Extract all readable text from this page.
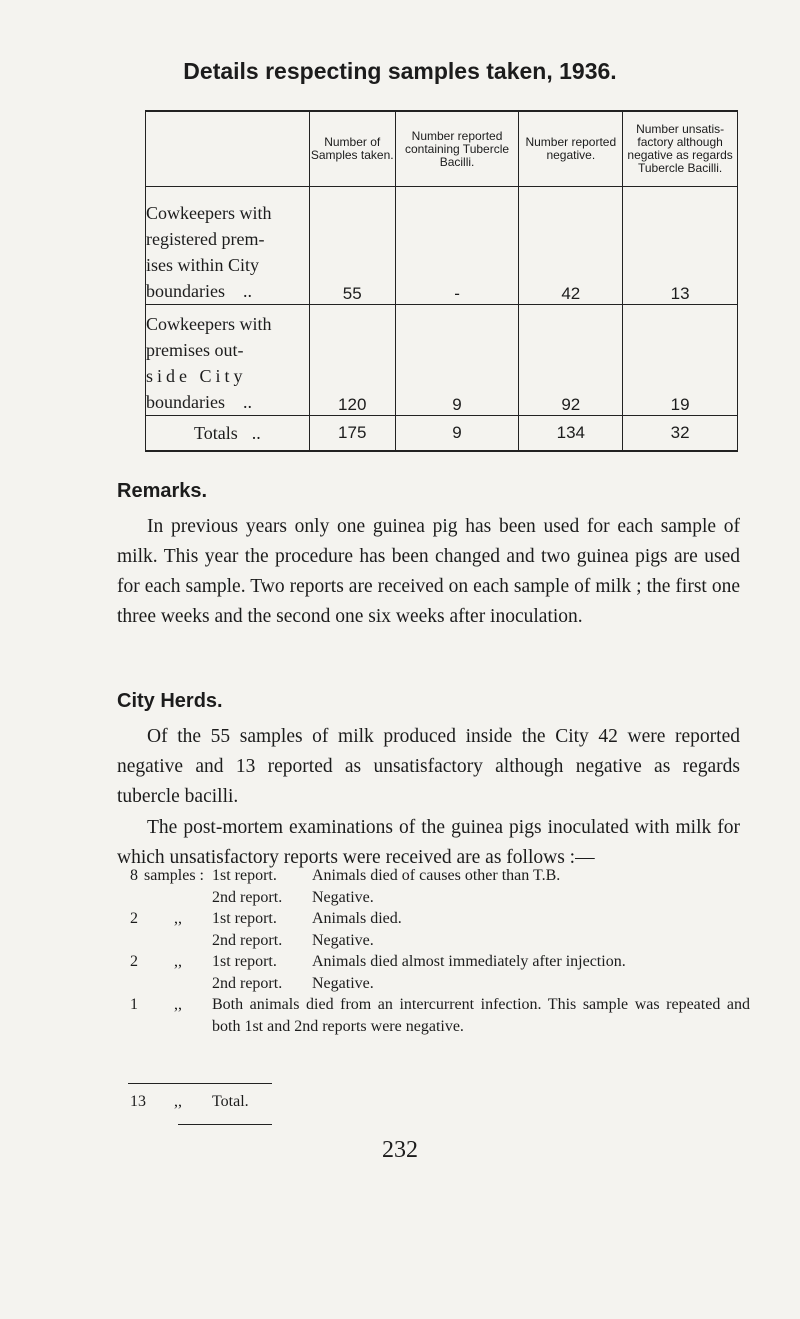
Details respecting samples taken, 1936.
	Number of Samples taken.	Number reported containing Tubercle Bacilli.	Number reported negative.	Number unsatis- factory although negative as regards Tubercle Bacilli.

Cowkeepers with
registered prem-
ises within City
boundaries ..	55	-	42	13

Cowkeepers with
premises out-
side City
boundaries ..	120	9	92	19
Totals ..	175	9	134	32
Remarks.

In previous years only one guinea pig has been used for each sample of milk. This year the procedure has been changed and two guinea pigs are used for each sample. Two reports are received on each sample of milk ; the first one three weeks and the second one six weeks after inoculation.

City Herds.

Of the 55 samples of milk produced inside the City 42 were reported negative and 13 reported as unsatisfactory although negative as regards tubercle bacilli.

The post-mortem examinations of the guinea pigs inoculated with milk for which unsatisfactory reports were received are as follows :—

8 samples : 1st report.	Animals died of causes other than T.B.
2nd report.	Negative.
2	,,	1st report.	Animals died.
2nd report.	Negative.
2	,,	1st report.	Animals died almost immediately after injection.
2nd report.	Negative.
1	,,	Both animals died from an intercurrent infection. This sample was repeated and both 1st and 2nd reports were negative.
13	,,	Total.
232
